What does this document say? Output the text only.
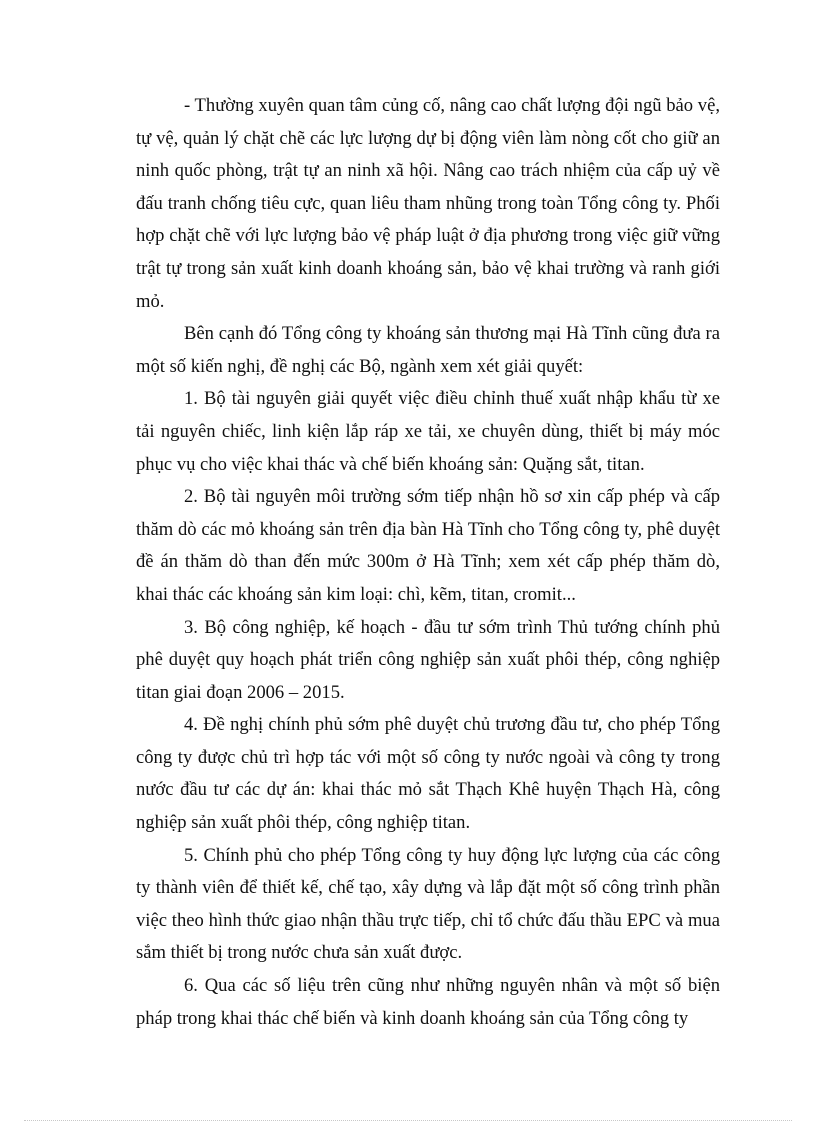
- Thường xuyên quan tâm củng cố, nâng cao chất lượng đội ngũ bảo vệ, tự vệ, quản lý chặt chẽ các lực lượng dự bị động viên làm nòng cốt cho giữ an ninh quốc phòng, trật tự an ninh xã hội. Nâng cao trách nhiệm của cấp uỷ về đấu tranh chống tiêu cực, quan liêu tham nhũng trong toàn Tổng công ty. Phối hợp chặt chẽ với lực lượng bảo vệ pháp luật ở địa phương trong việc giữ vững trật tự trong sản xuất kinh doanh khoáng sản, bảo vệ khai trường và ranh giới mỏ.

Bên cạnh đó Tổng công ty khoáng sản thương mại Hà Tĩnh cũng đưa ra một số kiến nghị, đề nghị các Bộ, ngành xem xét giải quyết:

1. Bộ tài nguyên giải quyết việc điều chỉnh thuế xuất nhập khẩu từ xe tải nguyên chiếc, linh kiện lắp ráp xe tải, xe chuyên dùng, thiết bị máy móc phục vụ cho việc khai thác và chế biến khoáng sản: Quặng sắt, titan.

2. Bộ tài nguyên môi trường sớm tiếp nhận hồ sơ xin cấp phép và cấp thăm dò các mỏ khoáng sản trên địa bàn Hà Tĩnh cho Tổng công ty, phê duyệt đề án thăm dò than đến mức 300m ở Hà Tĩnh; xem xét cấp phép thăm dò, khai thác các khoáng sản kim loại: chì, kẽm, titan, cromit...

3. Bộ công nghiệp, kế hoạch - đầu tư sớm trình Thủ tướng chính phủ phê duyệt quy hoạch phát triển công nghiệp sản xuất phôi thép, công nghiệp titan giai đoạn 2006 – 2015.

4. Đề nghị chính phủ sớm phê duyệt chủ trương đầu tư, cho phép Tổng công ty được chủ trì hợp tác với một số công ty nước ngoài và công ty trong nước đầu tư các dự án: khai thác mỏ sắt Thạch Khê huyện Thạch Hà, công nghiệp sản xuất phôi thép, công nghiệp titan.

5. Chính phủ cho phép Tổng công ty huy động lực lượng của các công ty thành viên để thiết kế, chế tạo, xây dựng và lắp đặt một số công trình phần việc theo hình thức giao nhận thầu trực tiếp, chỉ tổ chức đấu thầu EPC và mua sắm thiết bị trong nước chưa sản xuất được.

6. Qua các số liệu trên cũng như những nguyên nhân và một số biện pháp trong khai thác chế biến và kinh doanh khoáng sản của Tổng công ty
